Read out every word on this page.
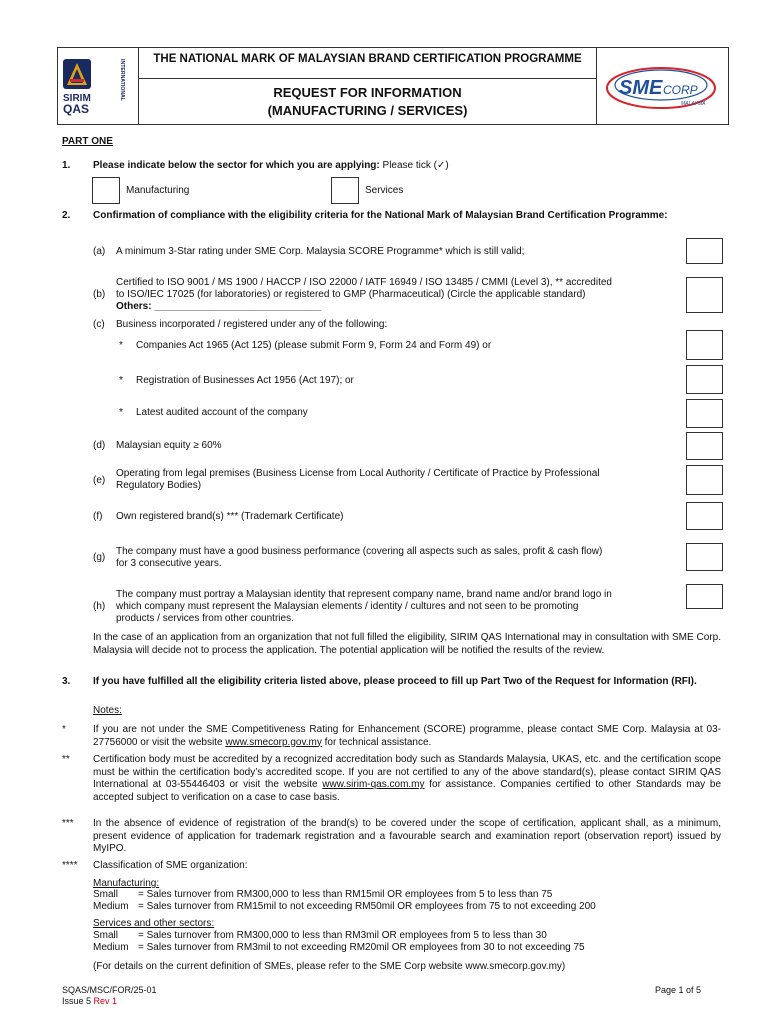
SIRIM
QAS
INTERNATIONAL	THE NATIONAL MARK OF MALAYSIAN BRAND CERTIFICATION PROGRAMME
REQUEST FOR INFORMATION
(MANUFACTURING / SERVICES)
SME CORP
MALAYSIA
PART ONE
1. Please indicate below the sector for which you are applying: Please tick (✓)
Manufacturing	Services
2. Confirmation of compliance with the eligibility criteria for the National Mark of Malaysian Brand Certification Programme:
(a) A minimum 3-Star rating under SME Corp. Malaysia SCORE Programme* which is still valid;
Certified to ISO 9001 / MS 1900 / HACCP / ISO 22000 / IATF 16949 / ISO 13485 / CMMI (Level 3), ** accredited
(b) to ISO/IEC 17025 (for laboratories) or registered to GMP (Pharmaceutical) (Circle the applicable standard)
Others: ______________________________
(c) Business incorporated / registered under any of the following:
* Companies Act 1965 (Act 125) (please submit Form 9, Form 24 and Form 49) or
* Registration of Businesses Act 1956 (Act 197); or
* Latest audited account of the company
(d) Malaysian equity ≥ 60%
Operating from legal premises (Business License from Local Authority / Certificate of Practice by Professional
(e) Regulatory Bodies)
(f) Own registered brand(s) *** (Trademark Certificate)
The company must have a good business performance (covering all aspects such as sales, profit & cash flow)
(g)
for 3 consecutive years.
The company must portray a Malaysian identity that represent company name, brand name and/or brand logo in
(h) which company must represent the Malaysian elements / identity / cultures and not seen to be promoting
products / services from other countries.
In the case of an application from an organization that not full filled the eligibility, SIRIM QAS International may in consultation with SME Corp. Malaysia will decide not to process the application. The potential application will be notified the results of the review.
3. If you have fulfilled all the eligibility criteria listed above, please proceed to fill up Part Two of the Request for Information (RFI).
Notes:
*	If you are not under the SME Competitiveness Rating for Enhancement (SCORE) programme, please contact SME Corp. Malaysia at 03-27756000 or visit the website www.smecorp.gov.my for technical assistance.
** Certification body must be accredited by a recognized accreditation body such as Standards Malaysia, UKAS, etc. and the certification scope must be within the certification body’s accredited scope. If you are not certified to any of the above standard(s), please contact SIRIM QAS International at 03-55446403 or visit the website www.sirim-qas.com.my for assistance. Companies certified to other Standards may be accepted subject to verification on a case to case basis.
*** In the absence of evidence of registration of the brand(s) to be covered under the scope of certification, applicant shall, as a minimum, present evidence of application for trademark registration and a favourable search and examination report (observation report) issued by MyIPO.
**** Classification of SME organization:
Manufacturing:
Small = Sales turnover from RM300,000 to less than RM15mil OR employees from 5 to less than 75
Medium = Sales turnover from RM15mil to not exceeding RM50mil OR employees from 75 to not exceeding 200
Services and other sectors:
Small = Sales turnover from RM300,000 to less than RM3mil OR employees from 5 to less than 30
Medium = Sales turnover from RM3mil to not exceeding RM20mil OR employees from 30 to not exceeding 75
(For details on the current definition of SMEs, please refer to the SME Corp website www.smecorp.gov.my)
SQAS/MSC/FOR/25-01
Issue 5 Rev 1
Page 1 of 5
